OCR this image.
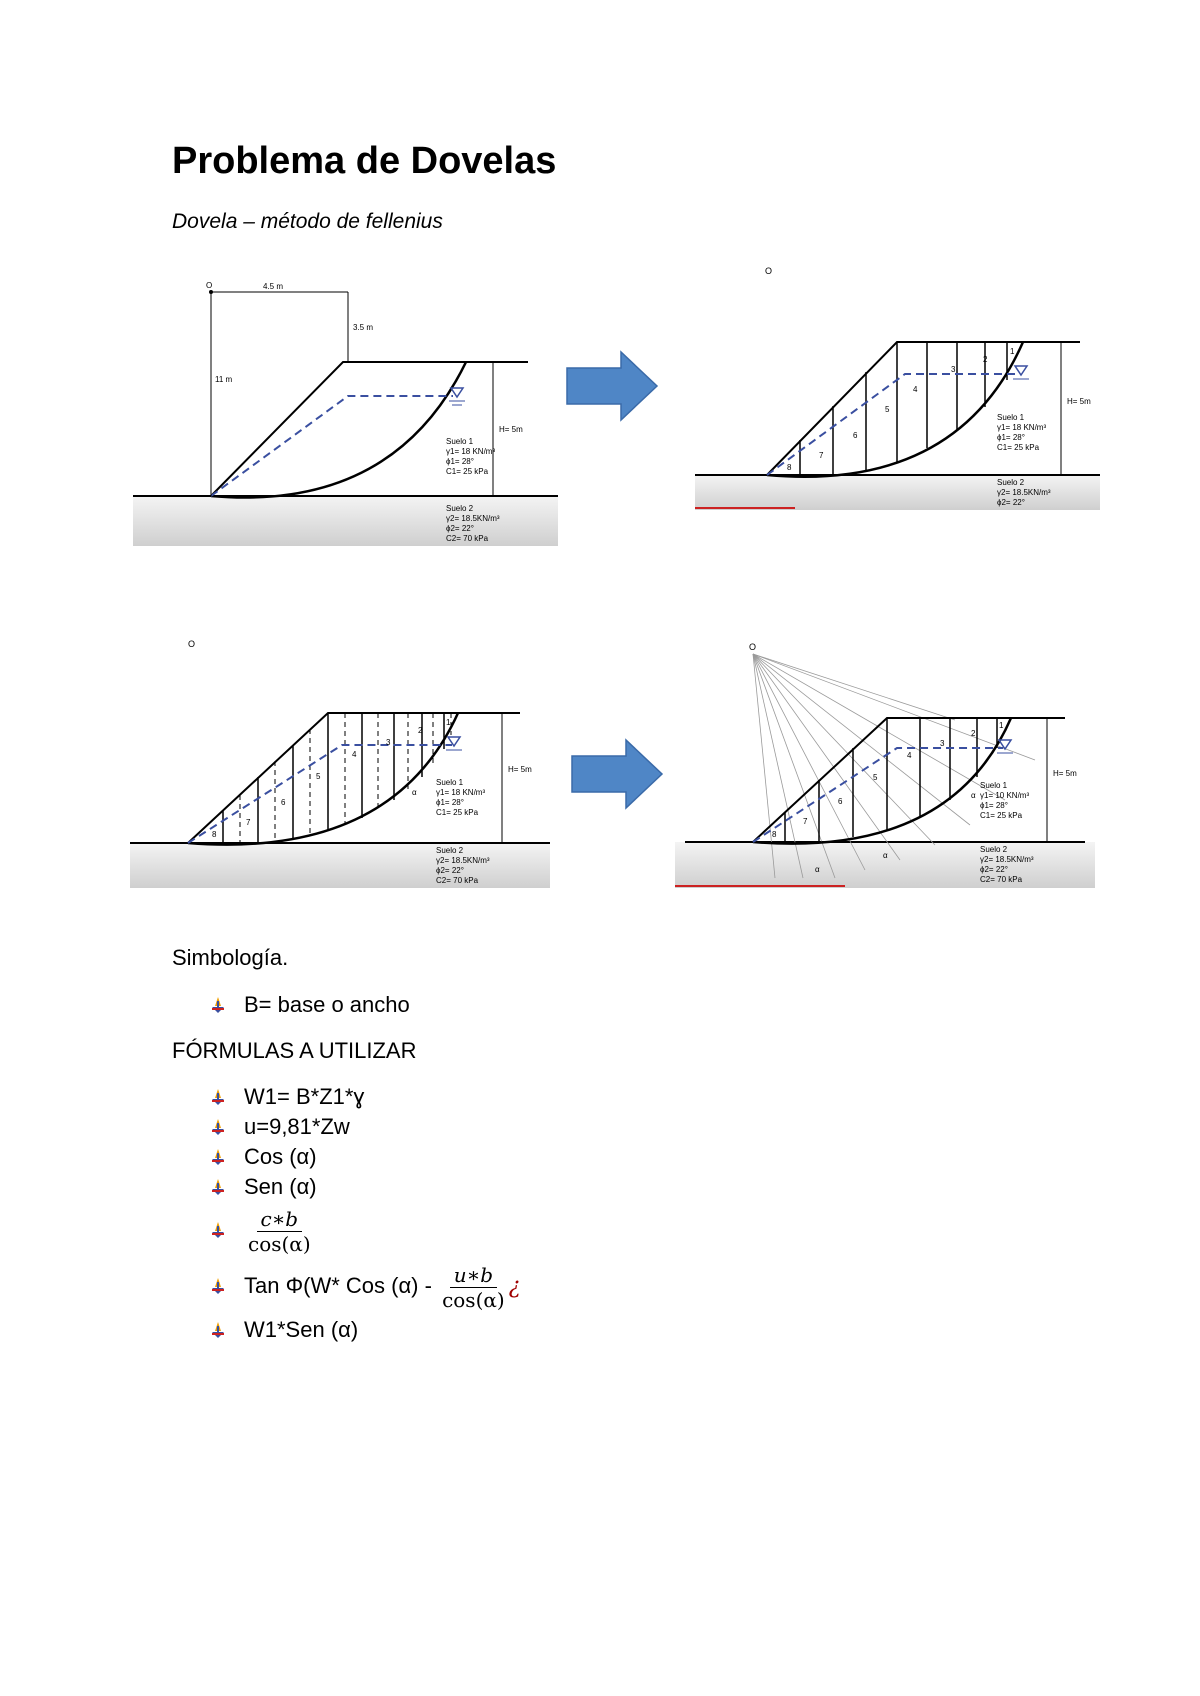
Problema de Dovelas
Dovela – método de fellenius
O	4.5 m
3.5 m
11 m
H= 5m
Suelo 1
γ1= 18 KN/m³
ϕ1= 28°
C1= 25 kPa
Suelo 2
γ2= 18.5KN/m³
ϕ2= 22°
C2= 70 kPa
O
1
2
3
4
5
6
7
8
H= 5m
Suelo 1
γ1= 18 KN/m³
ϕ1= 28°
C1= 25 kPa
Suelo 2
γ2= 18.5KN/m³
ϕ2= 22°
O
1
2
3
4
5
6
7
8
α
H= 5m
Suelo 1
γ1= 18 KN/m³
ϕ1= 28°
C1= 25 kPa
Suelo 2
γ2= 18.5KN/m³
ϕ2= 22°
C2= 70 kPa
O
1
2
3
4
5
6
7
8
α
α
α
H= 5m
Suelo 1
γ1= 10 KN/m³
ϕ1= 28°
C1= 25 kPa
Suelo 2
γ2= 18.5KN/m³
ϕ2= 22°
C2= 70 kPa
Simbología.
B= base o ancho
FÓRMULAS A UTILIZAR
W1= B*Z1*ɣ
u=9,81*Zw
Cos (α)
Sen (α)
$\frac{c∗b}{\cos(\alpha)}$
Tan Φ(W* Cos $(\alpha) - \frac{u∗b}{\cos(\alpha)}$ ¿
W1*Sen (α)
